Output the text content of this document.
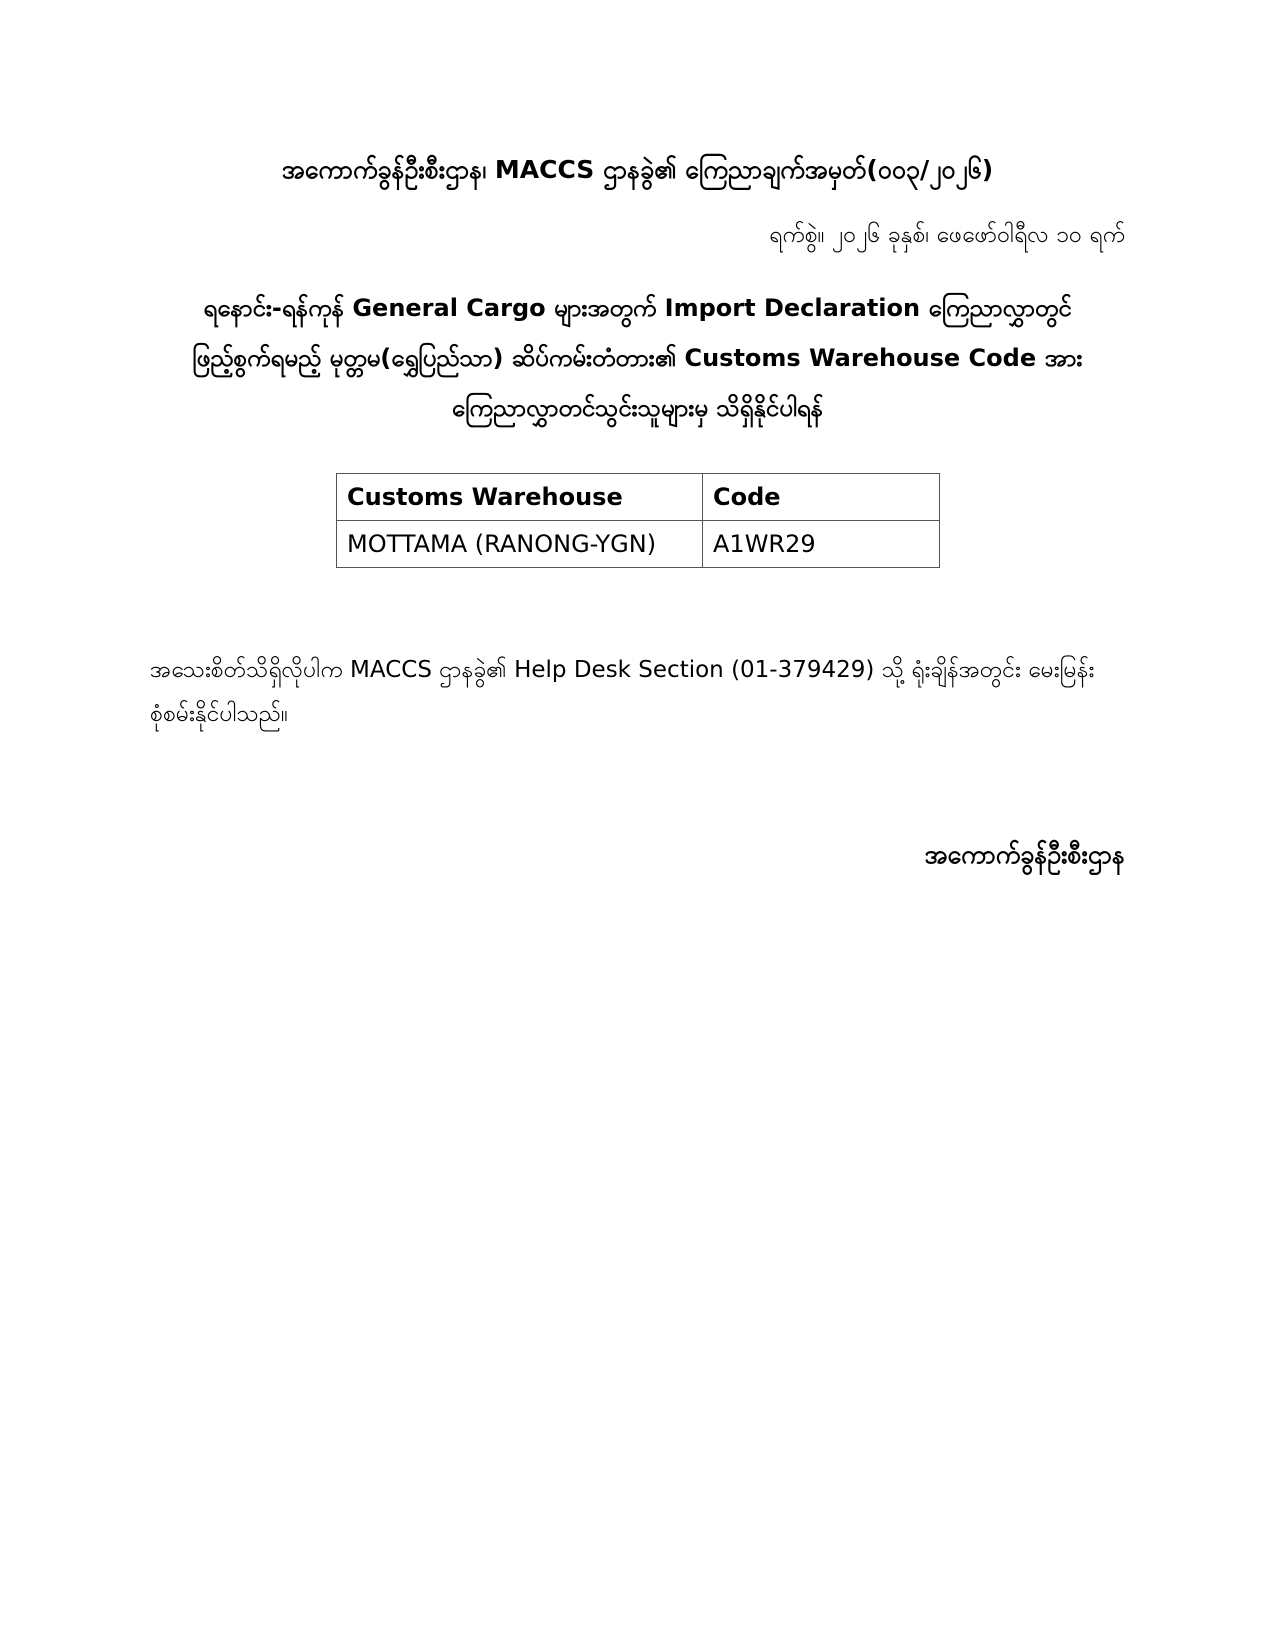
အကောက်ခွန်ဦးစီးဌာန၊ MACCS ဌာနခွဲ၏ ကြေညာချက်အမှတ်(၀၀၃/၂၀၂၆)
ရက်စွဲ။ ၂၀၂၆ ခုနှစ်၊ ဖေဖော်ဝါရီလ ၁၀ ရက်
ရနောင်း-ရန်ကုန် General Cargo များအတွက် Import Declaration ကြေညာလွှာတွင်
ဖြည့်စွက်ရမည့် မုတ္တမ(ရွှေပြည်သာ) ဆိပ်ကမ်းတံတား၏ Customs Warehouse Code အား
ကြေညာလွှာတင်သွင်းသူများမှ သိရှိနိုင်ပါရန်
Customs Warehouse	Code
MOTTAMA (RANONG-YGN)	A1WR29
အသေးစိတ်သိရှိလိုပါက MACCS ဌာနခွဲ၏ Help Desk Section (01-379429) သို့ ရုံးချိန်အတွင်း မေးမြန်းစုံစမ်းနိုင်ပါသည်။
အကောက်ခွန်ဦးစီးဌာန
